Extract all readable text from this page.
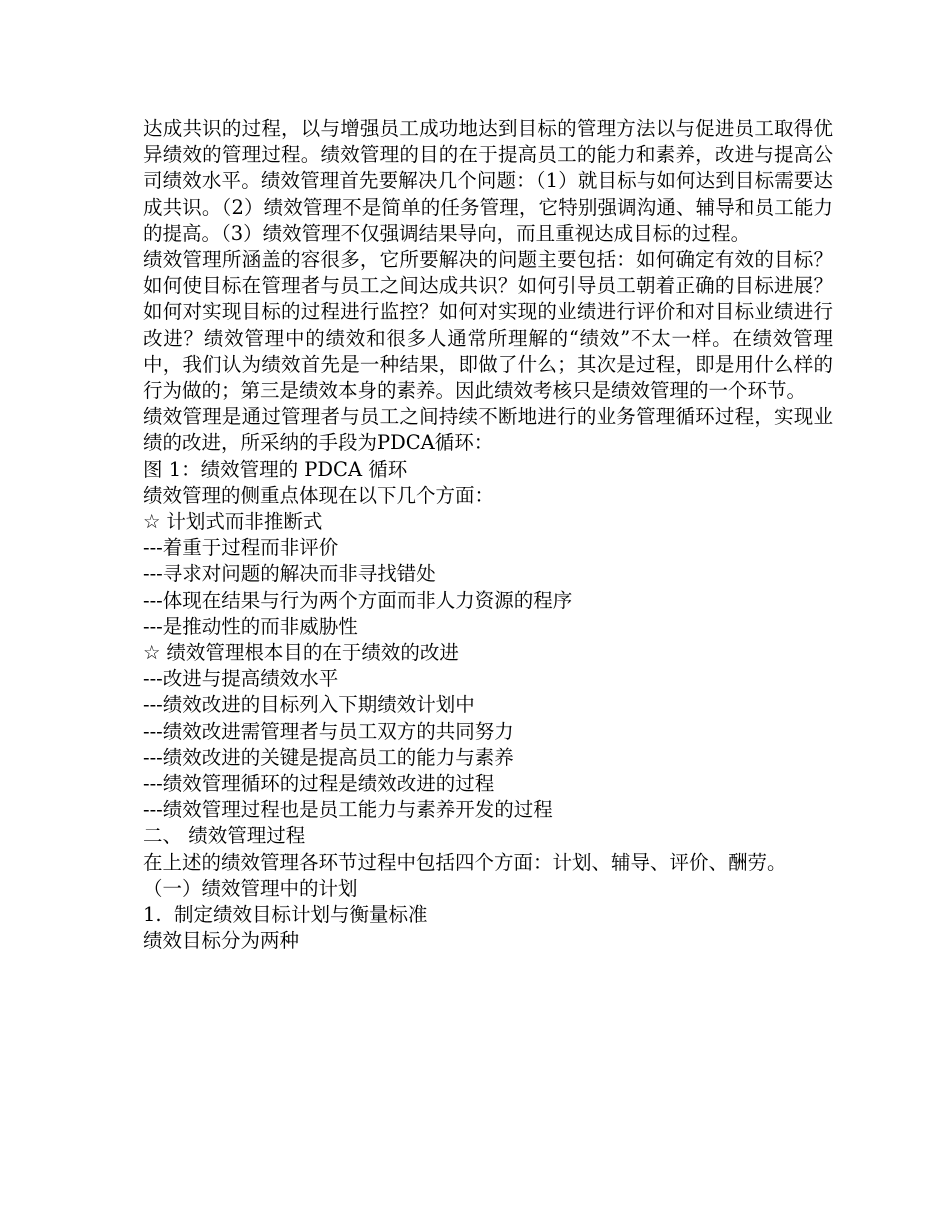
达成共识的过程，以与增强员工成功地达到目标的管理方法以与促进员工取得优异绩效的管理过程。绩效管理的目的在于提高员工的能力和素养，改进与提高公司绩效水平。绩效管理首先要解决几个问题：（1）就目标与如何达到目标需要达成共识。（2）绩效管理不是简单的任务管理，它特别强调沟通、辅导和员工能力的提高。（3）绩效管理不仅强调结果导向，而且重视达成目标的过程。

绩效管理所涵盖的容很多，它所要解决的问题主要包括：如何确定有效的目标？如何使目标在管理者与员工之间达成共识？如何引导员工朝着正确的目标进展？如何对实现目标的过程进行监控？如何对实现的业绩进行评价和对目标业绩进行改进？绩效管理中的绩效和很多人通常所理解的“绩效”不太一样。在绩效管理中，我们认为绩效首先是一种结果，即做了什么；其次是过程，即是用什么样的行为做的；第三是绩效本身的素养。因此绩效考核只是绩效管理的一个环节。

绩效管理是通过管理者与员工之间持续不断地进行的业务管理循环过程，实现业绩的改进，所采纳的手段为PDCA循环：

图 1：绩效管理的 PDCA 循环

绩效管理的侧重点体现在以下几个方面：

☆ 计划式而非推断式

---着重于过程而非评价

---寻求对问题的解决而非寻找错处

---体现在结果与行为两个方面而非人力资源的程序

---是推动性的而非威胁性

☆ 绩效管理根本目的在于绩效的改进

---改进与提高绩效水平

---绩效改进的目标列入下期绩效计划中

---绩效改进需管理者与员工双方的共同努力

---绩效改进的关键是提高员工的能力与素养

---绩效管理循环的过程是绩效改进的过程

---绩效管理过程也是员工能力与素养开发的过程

二、 绩效管理过程

在上述的绩效管理各环节过程中包括四个方面：计划、辅导、评价、酬劳。

（一）绩效管理中的计划

1.  制定绩效目标计划与衡量标准

绩效目标分为两种
